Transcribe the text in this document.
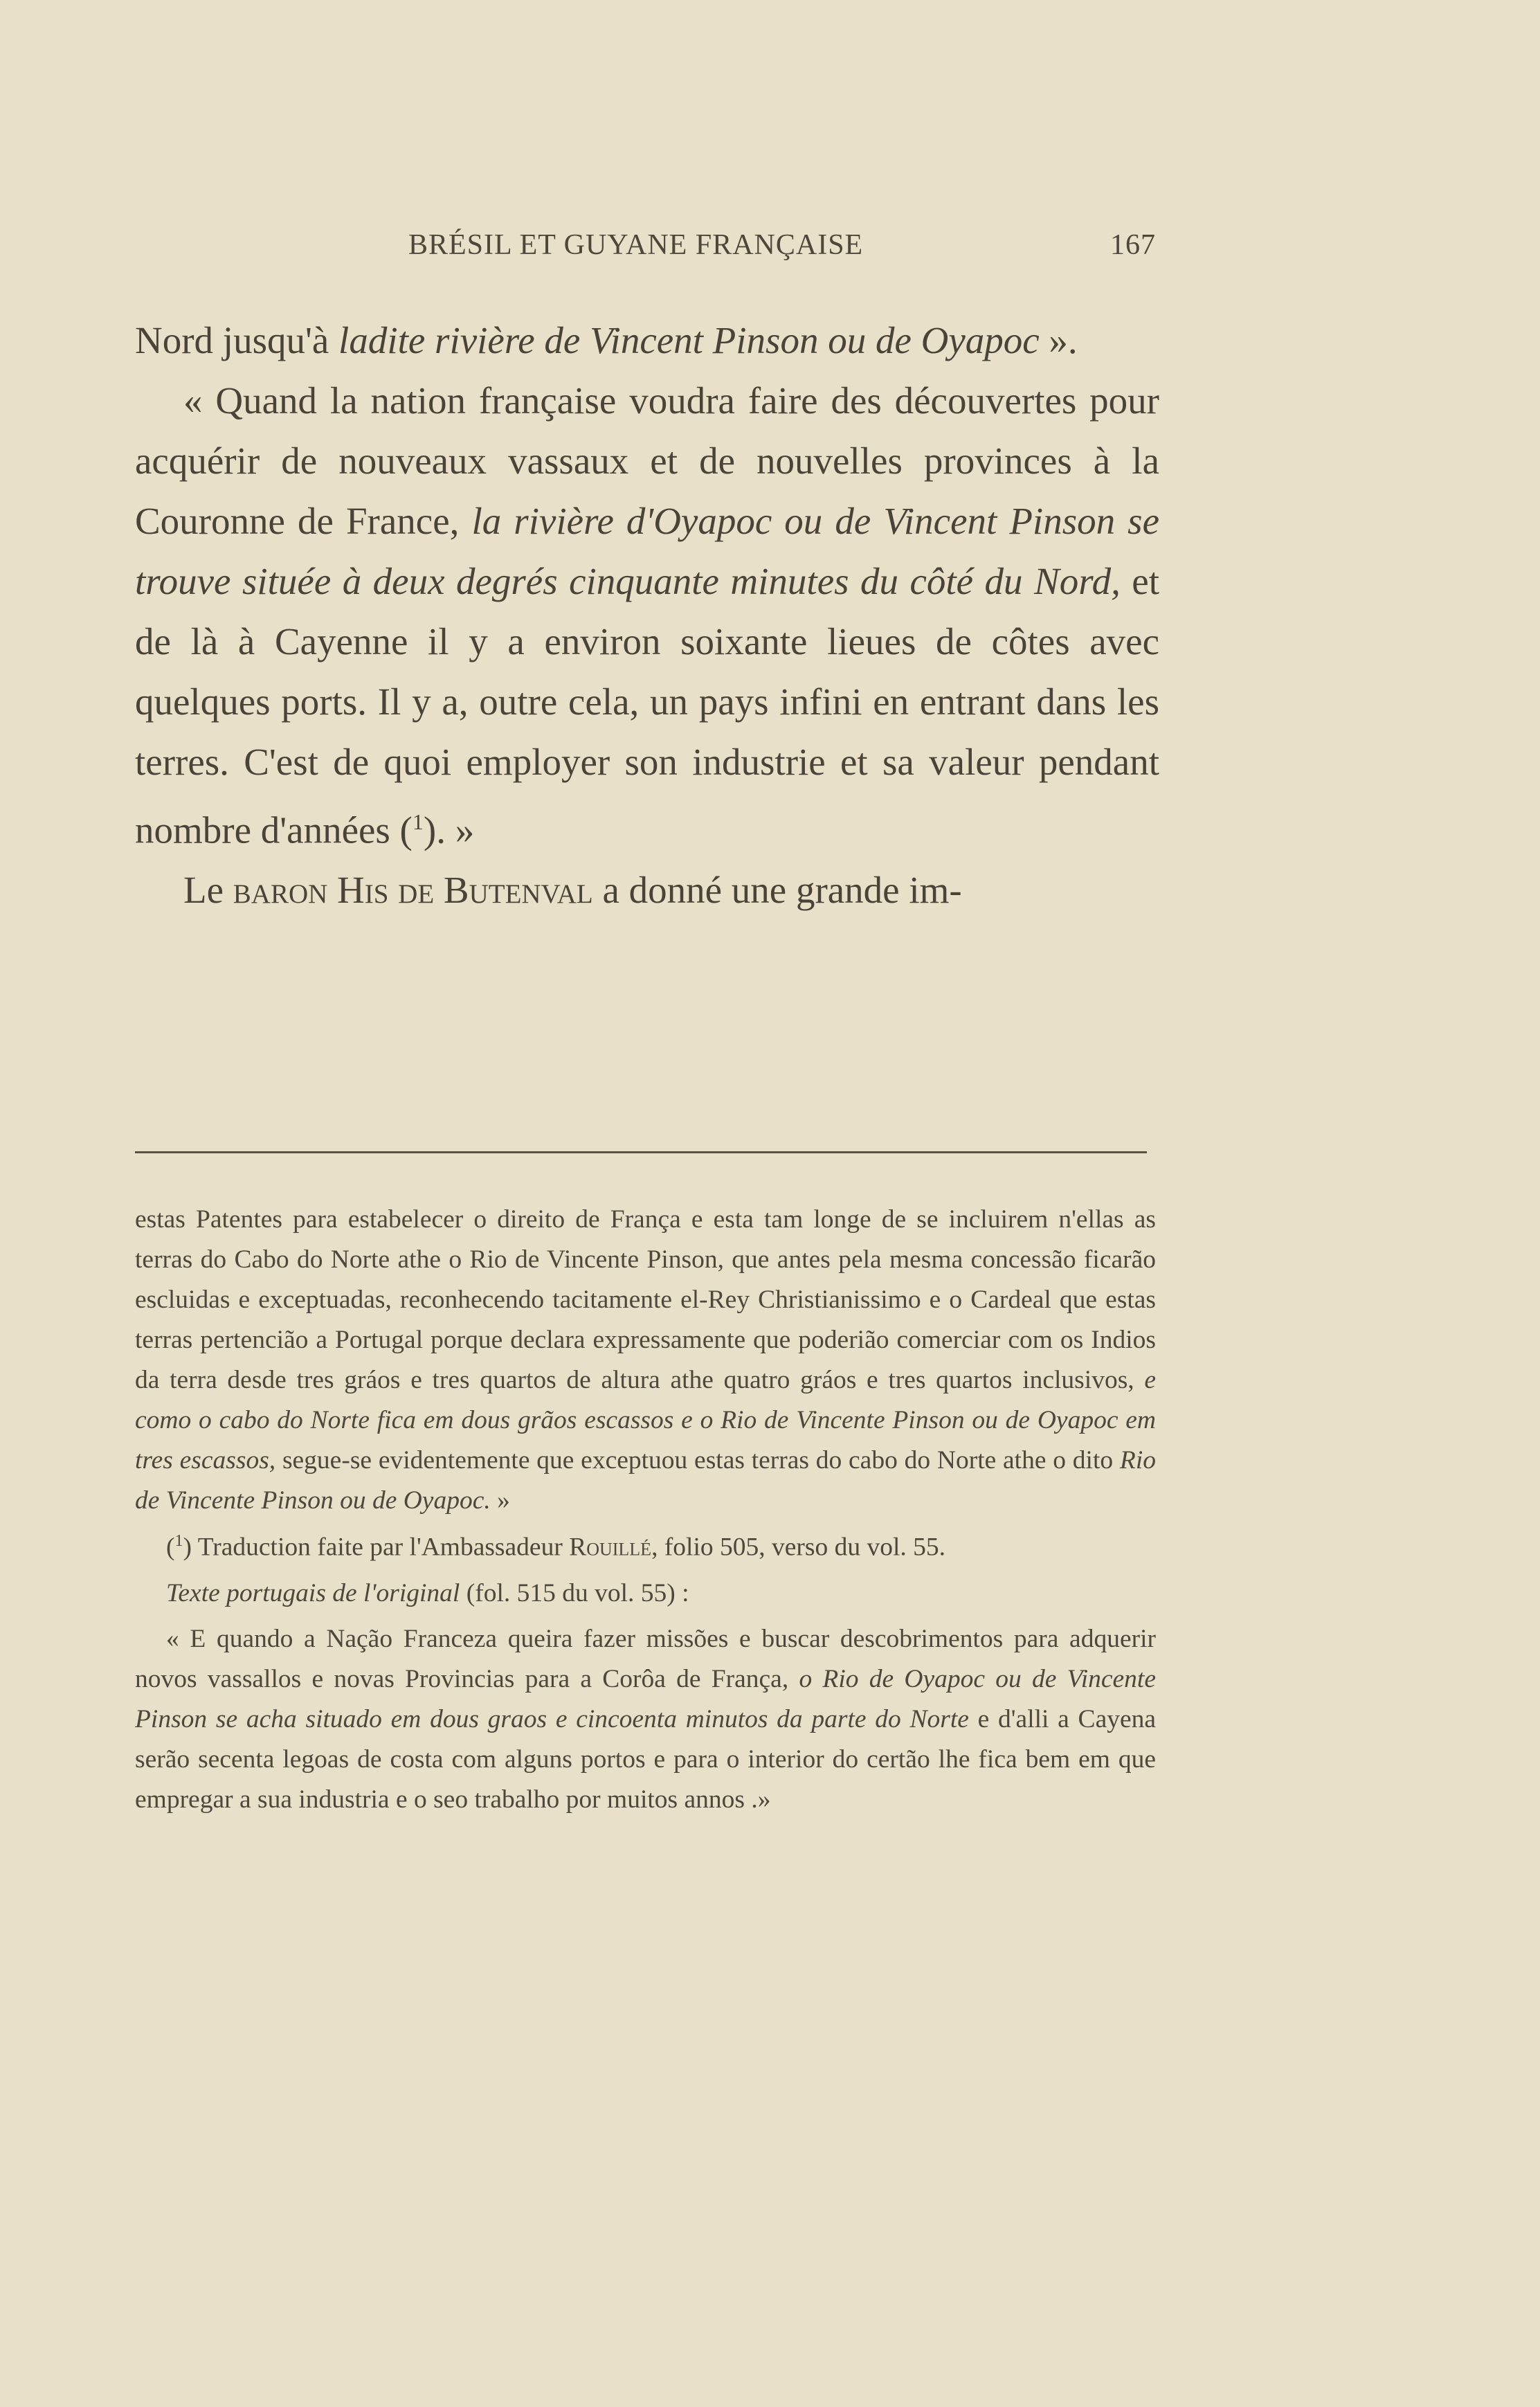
BRÉSIL ET GUYANE FRANÇAISE	167

Nord jusqu'à ladite rivière de Vincent Pinson ou de Oyapoc ».

« Quand la nation française voudra faire des découvertes pour acquérir de nouveaux vassaux et de nouvelles provinces à la Couronne de France, la rivière d'Oyapoc ou de Vincent Pinson se trouve située à deux degrés cinquante minutes du côté du Nord, et de là à Cayenne il y a environ soixante lieues de côtes avec quelques ports. Il y a, outre cela, un pays infini en entrant dans les terres. C'est de quoi employer son industrie et sa valeur pendant nombre d'années ($^1$). »

Le baron His de Butenval a donné une grande im-

estas Patentes para estabelecer o direito de França e esta tam longe de se incluirem n'ellas as terras do Cabo do Norte athe o Rio de Vincente Pinson, que antes pela mesma concessão ficarão escluidas e exceptuadas, reconhecendo tacitamente el-Rey Christianissimo e o Cardeal que estas terras pertencião a Portugal porque declara expressamente que poderião comerciar com os Indios da terra desde tres gráos e tres quartos de altura athe quatro gráos e tres quartos inclusivos, e como o cabo do Norte fica em dous grãos escassos e o Rio de Vincente Pinson ou de Oyapoc em tres escassos, segue-se evidentemente que exceptuou estas terras do cabo do Norte athe o dito Rio de Vincente Pinson ou de Oyapoc. »

($^1$) Traduction faite par l'Ambassadeur Rouillé, folio 505, verso du vol. 55.

Texte portugais de l'original (fol. 515 du vol. 55) :

« E quando a Nação Franceza queira fazer missões e buscar descobrimentos para adquerir novos vassallos e novas Provincias para a Corôa de França, o Rio de Oyapoc ou de Vincente Pinson se acha situado em dous graos e cincoenta minutos da parte do Norte e d'alli a Cayena serão secenta legoas de costa com alguns portos e para o interior do certão lhe fica bem em que empregar a sua industria e o seo trabalho por muitos annos .»
